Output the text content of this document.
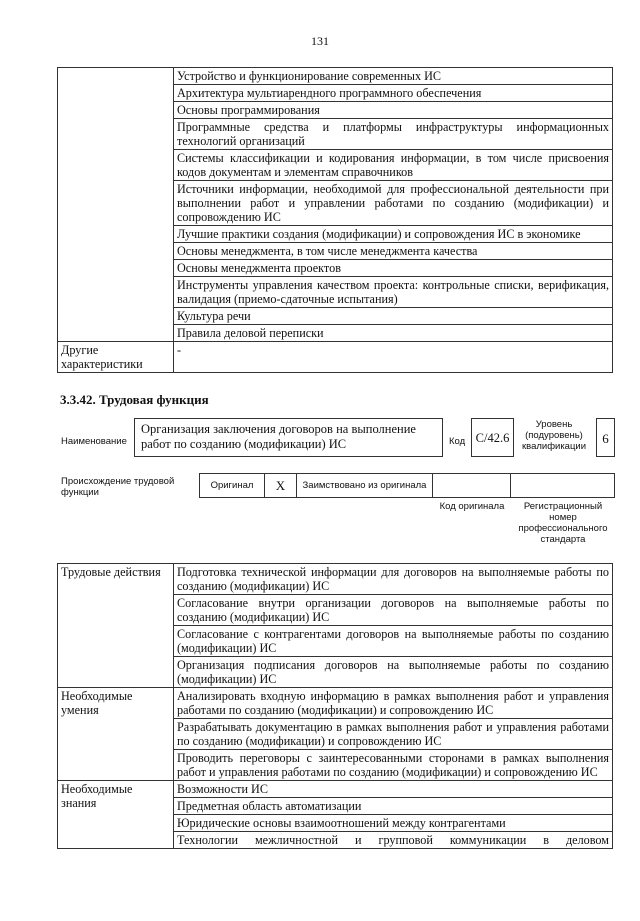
131
	Устройство и функционирование современных ИС
	Архитектура мультиарендного программного обеспечения
	Основы программирования
	Программные средства и платформы инфраструктуры информационных технологий организаций
	Системы классификации и кодирования информации, в том числе присвоения кодов документам и элементам справочников
	Источники информации, необходимой для профессиональной деятельности при выполнении работ и управлении работами по созданию (модификации) и сопровождению ИС
	Лучшие практики создания (модификации) и сопровождения ИС в экономике
	Основы менеджмента, в том числе менеджмента качества
	Основы менеджмента проектов
	Инструменты управления качеством проекта: контрольные списки, верификация, валидация (приемо-сдаточные испытания)
	Культура речи
	Правила деловой переписки
Другие характеристики	-
3.3.42. Трудовая функция
Наименование
Организация заключения договоров на выполнение работ по созданию (модификации) ИС	Код С/42.6
Уровень (подуровень) квалификации
6
Происхождение трудовой функции
Оригинал	X	Заимствовано из оригинала		
Код оригинала	Регистрационный номер профессионального стандарта
Трудовые действия	Подготовка технической информации для договоров на выполняемые работы по созданию (модификации) ИС
	Согласование внутри организации договоров на выполняемые работы по созданию (модификации) ИС
	Согласование с контрагентами договоров на выполняемые работы по созданию (модификации) ИС
	Организация подписания договоров на выполняемые работы по созданию (модификации) ИС
Необходимые умения	Анализировать входную информацию в рамках выполнения работ и управления работами по созданию (модификации) и сопровождению ИС
	Разрабатывать документацию в рамках выполнения работ и управления работами по созданию (модификации) и сопровождению ИС
	Проводить переговоры с заинтересованными сторонами в рамках выполнения работ и управления работами по созданию (модификации) и сопровождению ИС
Необходимые знания	Возможности ИС
	Предметная область автоматизации
	Юридические основы взаимоотношений между контрагентами
	Технологии межличностной и групповой коммуникации в деловом
